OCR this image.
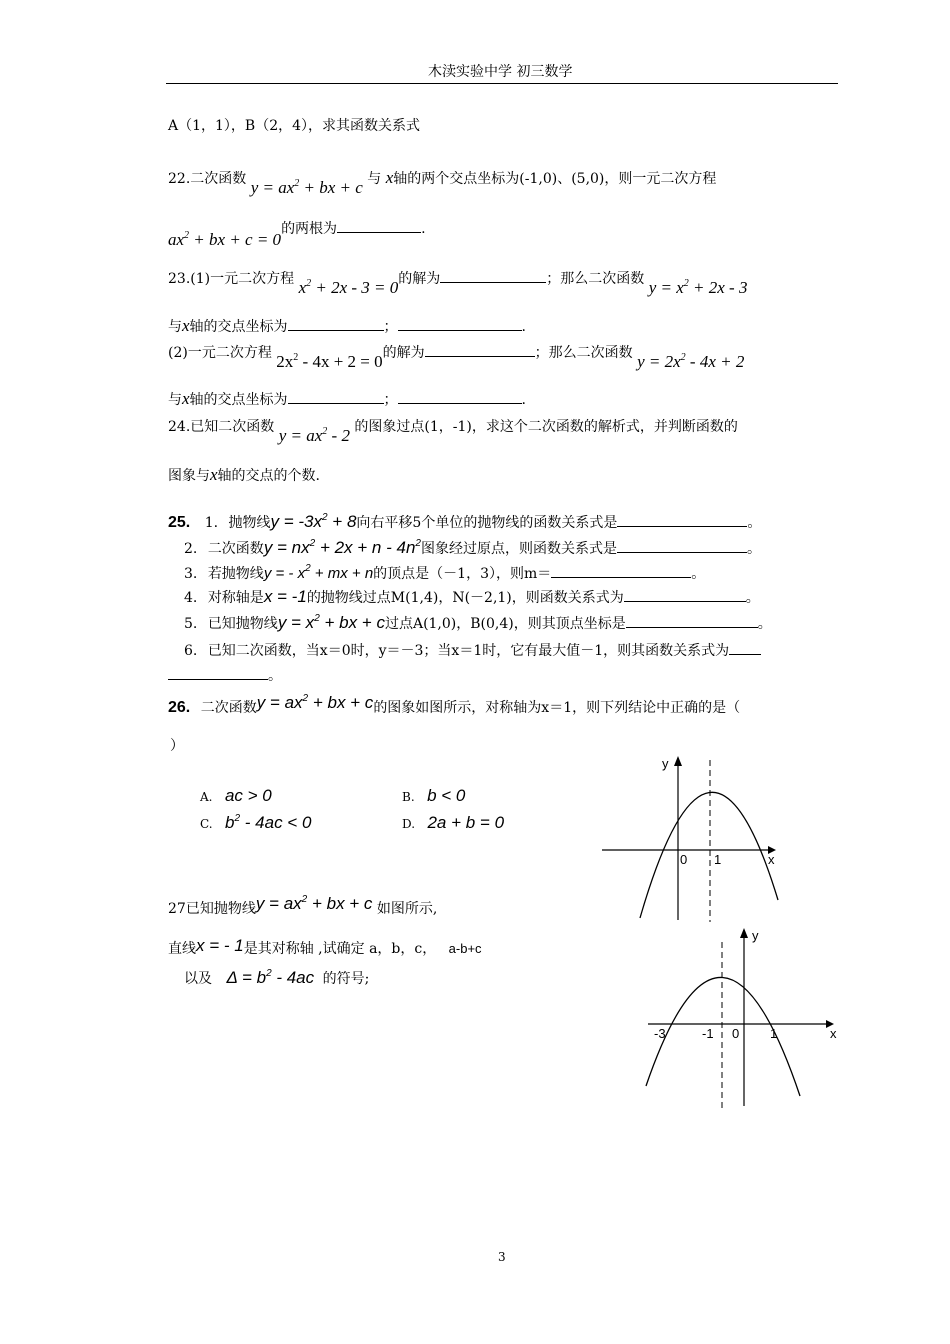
木渎实验中学 初三数学
A（1，1），B（2，4），求其函数关系式
22.二次函数 $y = ax^2$ + bx + c 与 x轴的两个交点坐标为(-1,0)、(5,0)，则一元二次方程
$ax^2$ + bx + c = 0的两根为	.
23.(1)一元二次方程 $x^2 + 2x - 3 = 0$的解为	；那么二次函数 $y = x^2 + 2x - 3$
与x轴的交点坐标为	；	.
(2)一元二次方程 $2x^2 - 4x + 2 = 0$的解为	；那么二次函数 $y = 2x^2 - 4x + 2$
与x轴的交点坐标为	；	.
24.已知二次函数 $y = ax^2 - 2$ 的图象过点(1，-1)，求这个二次函数的解析式，并判断函数的
图象与x轴的交点的个数.
25. 1. 抛物线$y = -3x^2 + 8$向右平移5个单位的抛物线的函数关系式是	。
2. 二次函数$y = nx^2 + 2x + n - 4n^2$图象经过原点，则函数关系式是	。
3. 若抛物线y = - $x^2$ + mx + n的顶点是（－1，3），则m＝	。
4. 对称轴是x = -1的抛物线过点M(1,4)，N(－2,1)，则函数关系式为	。
5. 已知抛物线$y = x^2$ + bx + c过点A(1,0)，B(0,4)，则其顶点坐标是	。
6. 已知二次函数，当x＝0时，y＝－3；当x＝1时，它有最大值－1，则其函数关系式为
。
26. 二次函数$y = ax^2$ + bx + c的图象如图所示，对称轴为x＝1，则下列结论中正确的是（
）
A. ac > 0	B. b < 0
C. $b^2 - 4ac < 0$	D. 2a + b = 0
y
x
0 1
27已知抛物线$y = ax^2$ + bx + c 如图所示,
直线x = - 1是其对称轴 ,试确定 a，b，c， a-b+c
以及 $\Delta = b^2 - 4ac$ 的符号;
y
x
-3	-1 0 1
3
